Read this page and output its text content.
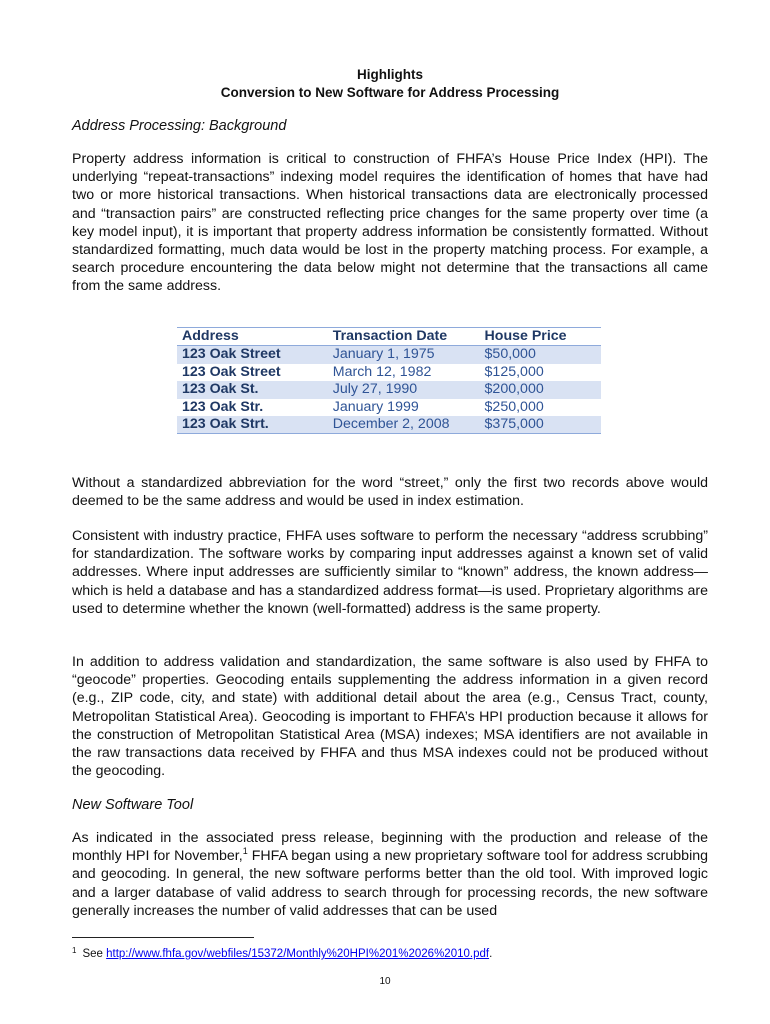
Highlights
Conversion to New Software for Address Processing
Address Processing: Background

Property address information is critical to construction of FHFA’s House Price Index (HPI). The underlying “repeat-transactions” indexing model requires the identification of homes that have had two or more historical transactions. When historical transactions data are electronically processed and “transaction pairs” are constructed reflecting price changes for the same property over time (a key model input), it is important that property address information be consistently formatted. Without standardized formatting, much data would be lost in the property matching process. For example, a search procedure encountering the data below might not determine that the transactions all came from the same address.

Address	Transaction Date	House Price
123 Oak Street	January 1, 1975	$50,000
123 Oak Street	March 12, 1982	$125,000
123 Oak St.	July 27, 1990	$200,000
123 Oak Str.	January 1999	$250,000
123 Oak Strt.	December 2, 2008	$375,000

Without a standardized abbreviation for the word “street,” only the first two records above would deemed to be the same address and would be used in index estimation.

Consistent with industry practice, FHFA uses software to perform the necessary “address scrubbing” for standardization. The software works by comparing input addresses against a known set of valid addresses. Where input addresses are sufficiently similar to “known” address, the known address—which is held a database and has a standardized address format—is used. Proprietary algorithms are used to determine whether the known (well-formatted) address is the same property.

In addition to address validation and standardization, the same software is also used by FHFA to “geocode” properties. Geocoding entails supplementing the address information in a given record (e.g., ZIP code, city, and state) with additional detail about the area (e.g., Census Tract, county, Metropolitan Statistical Area). Geocoding is important to FHFA’s HPI production because it allows for the construction of Metropolitan Statistical Area (MSA) indexes; MSA identifiers are not available in the raw transactions data received by FHFA and thus MSA indexes could not be produced without the geocoding.

New Software Tool

As indicated in the associated press release, beginning with the production and release of the monthly HPI for November,$^1$ FHFA began using a new proprietary software tool for address scrubbing and geocoding. In general, the new software performs better than the old tool. With improved logic and a larger database of valid address to search through for processing records, the new software generally increases the number of valid addresses that can be used

$^1$ See http://www.fhfa.gov/webfiles/15372/Monthly%20HPI%201%2026%2010.pdf.
10
